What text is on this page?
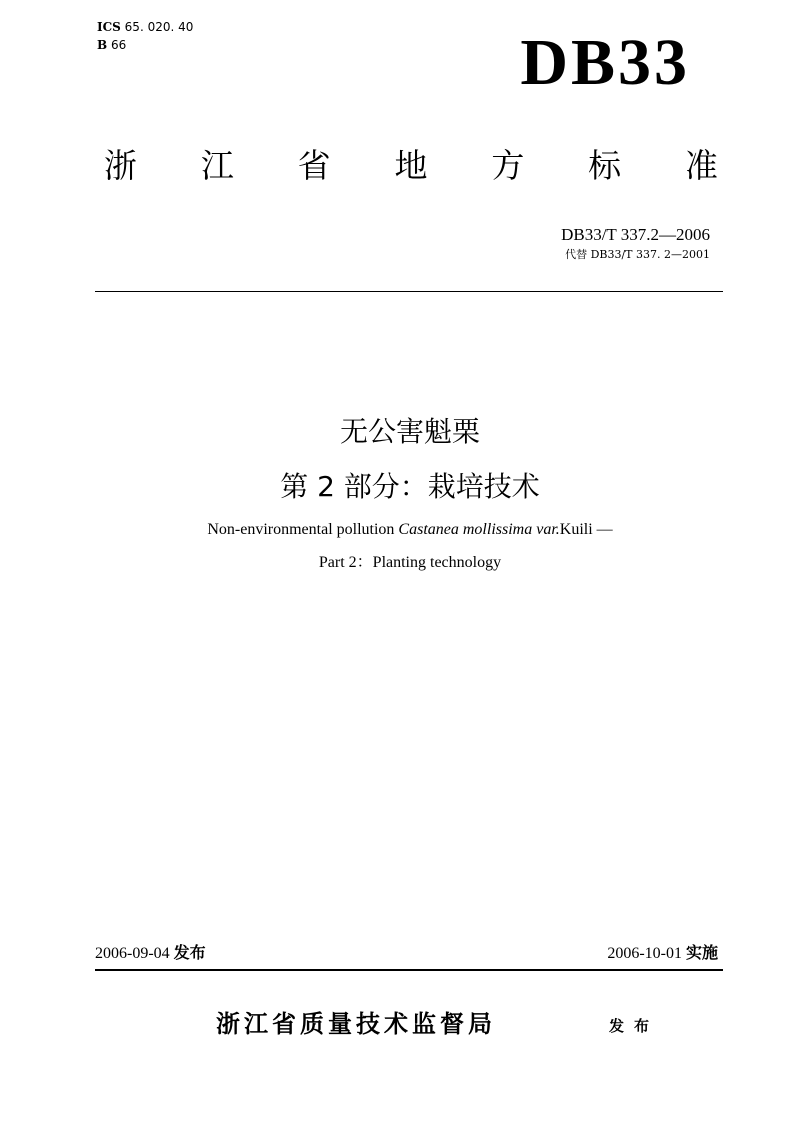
ICS 65. 020. 40
B 66	DB33
浙 江 省 地 方 标 准
DB33/T 337.2—2006
代替 DB33/T 337. 2—2001
无公害魁栗
第 2 部分：栽培技术
Non-environmental pollution Castanea mollissima var.Kuili —
Part 2：Planting technology
2006-09-04 发布	2006-10-01 实施
浙江省质量技术监督局	发布
